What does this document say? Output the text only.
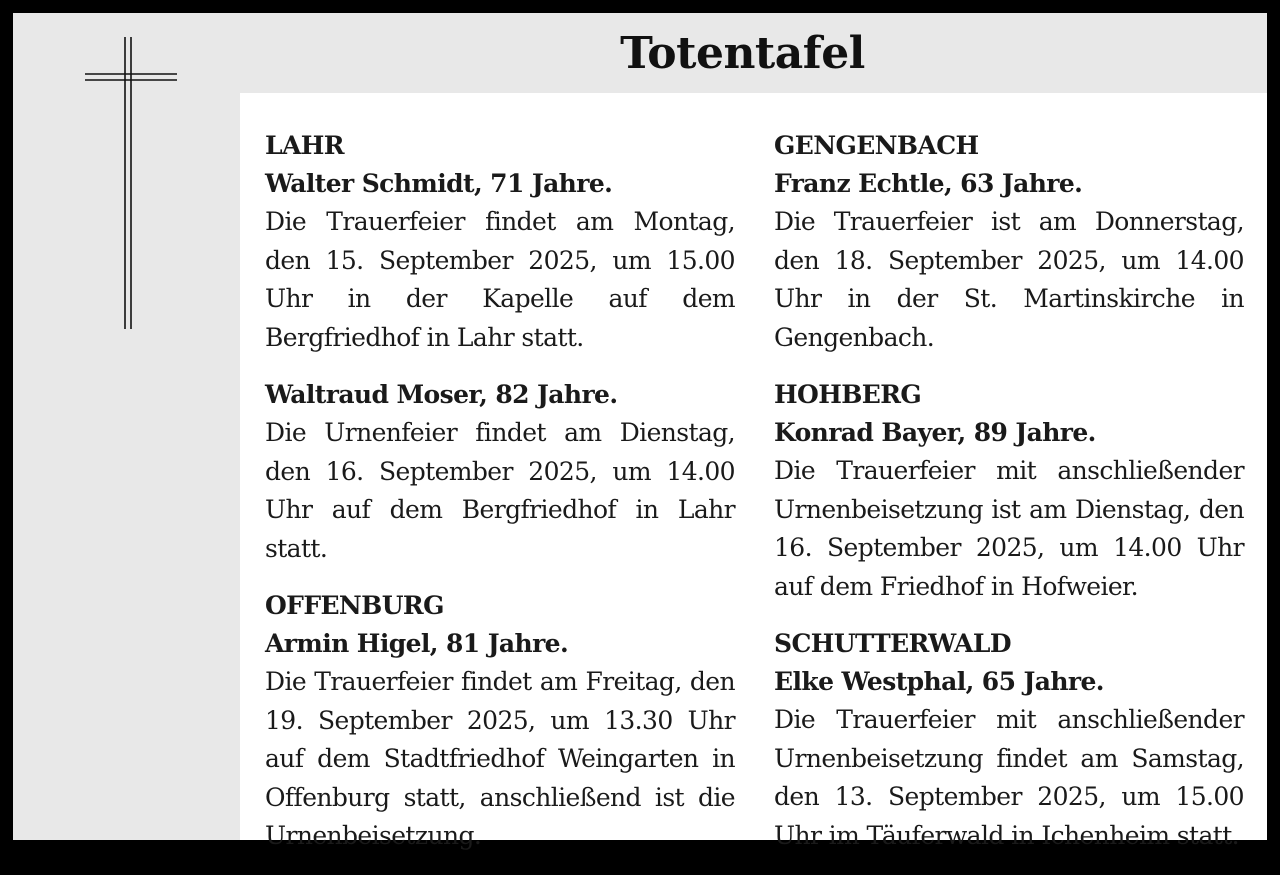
Totentafel
LAHR
Walter Schmidt, 71 Jahre.
Die Trauerfeier findet am Montag, den 15. September 2025, um 15.00 Uhr in der Kapelle auf dem Bergfriedhof in Lahr statt.
Waltraud Moser, 82 Jahre.
Die Urnenfeier findet am Dienstag, den 16. September 2025, um 14.00 Uhr auf dem Bergfriedhof in Lahr statt.
OFFENBURG
Armin Higel, 81 Jahre.
Die Trauerfeier findet am Freitag, den 19. September 2025, um 13.30 Uhr auf dem Stadtfriedhof Weingarten in Offenburg statt, anschließend ist die Urnenbeisetzung.
GENGENBACH
Franz Echtle, 63 Jahre.
Die Trauerfeier ist am Donnerstag, den 18. September 2025, um 14.00 Uhr in der St. Martinskirche in Gengenbach.
HOHBERG
Konrad Bayer, 89 Jahre.
Die Trauerfeier mit anschließender Urnenbeisetzung ist am Dienstag, den 16. September 2025, um 14.00 Uhr auf dem Friedhof in Hofweier.
SCHUTTERWALD
Elke Westphal, 65 Jahre.
Die Trauerfeier mit anschließender Urnenbeisetzung findet am Samstag, den 13. September 2025, um 15.00 Uhr im Täuferwald in Ichenheim statt.
